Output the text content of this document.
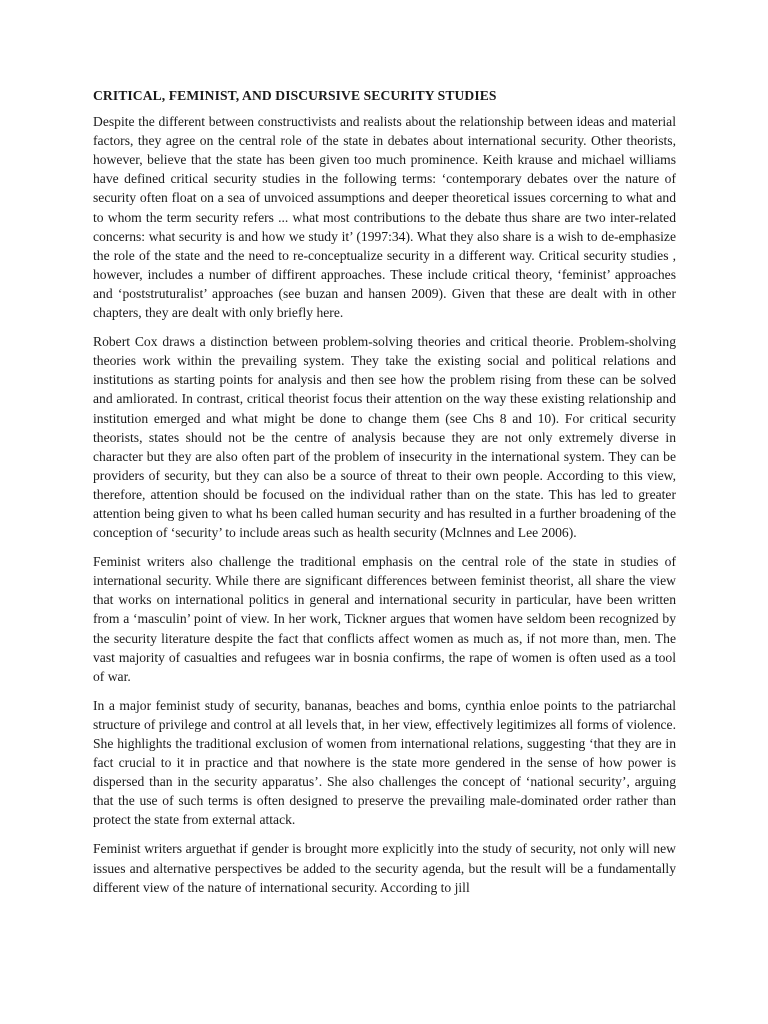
CRITICAL, FEMINIST, AND DISCURSIVE SECURITY STUDIES

Despite the different between constructivists and realists about the relationship between ideas and material factors, they agree on the central role of the state in debates about international security. Other theorists, however, believe that the state has been given too much prominence. Keith krause and michael williams have defined critical security studies in the following terms: ‘contemporary debates over the nature of security often float on a sea of unvoiced assumptions and deeper theoretical issues corcerning to what and to whom the term security refers ... what most contributions to the debate thus share are two inter-related concerns: what security is and how we study it’ (1997:34). What they also share is a wish to de-emphasize the role of the state and the need to re-conceptualize security in a different way. Critical security studies , however, includes a number of diffirent approaches. These include critical theory, ‘feminist’ approaches and ‘poststruturalist’ approaches (see buzan and hansen 2009). Given that these are dealt with in other chapters, they are dealt with only briefly here.

Robert Cox draws a distinction between problem-solving theories and critical theorie. Problem-sholving theories work within the prevailing system. They take the existing social and political relations and institutions as starting points for analysis and then see how the problem rising from these can be solved and amliorated. In contrast, critical theorist focus their attention on the way these existing relationship and institution emerged and what might be done to change them (see Chs 8 and 10). For critical security theorists, states should not be the centre of analysis because they are not only extremely diverse in character but they are also often part of the problem of insecurity in the international system. They can be providers of security, but they can also be a source of threat to their own people. According to this view, therefore, attention should be focused on the individual rather than on the state. This has led to greater attention being given to what hs been called human security and has resulted in a further broadening of the conception of ‘security’ to include areas such as health security (Mclnnes and Lee 2006).

Feminist writers also challenge the traditional emphasis on the central role of the state in studies of international security. While there are significant differences between feminist theorist, all share the view that works on international politics in general and international security in particular, have been written from a ‘masculin’ point of view. In her work, Tickner argues that women have seldom been recognized by the security literature despite the fact that conflicts affect women as much as, if not more than, men. The vast majority of casualties and refugees war in bosnia confirms, the rape of women is often used as a tool of war.

In a major feminist study of security, bananas, beaches and boms, cynthia enloe points to the patriarchal structure of privilege and control at all levels that, in her view, effectively legitimizes all forms of violence. She highlights the traditional exclusion of women from international relations, suggesting ‘that they are in fact crucial to it in practice and that nowhere is the state more gendered in the sense of how power is dispersed than in the security apparatus’. She also challenges the concept of ‘national security’, arguing that the use of such terms is often designed to preserve the prevailing male-dominated order rather than protect the state from external attack.

Feminist writers arguethat if gender is brought more explicitly into the study of security, not only will new issues and alternative perspectives be added to the security agenda, but the result will be a fundamentally different view of the nature of international security. According to jill
